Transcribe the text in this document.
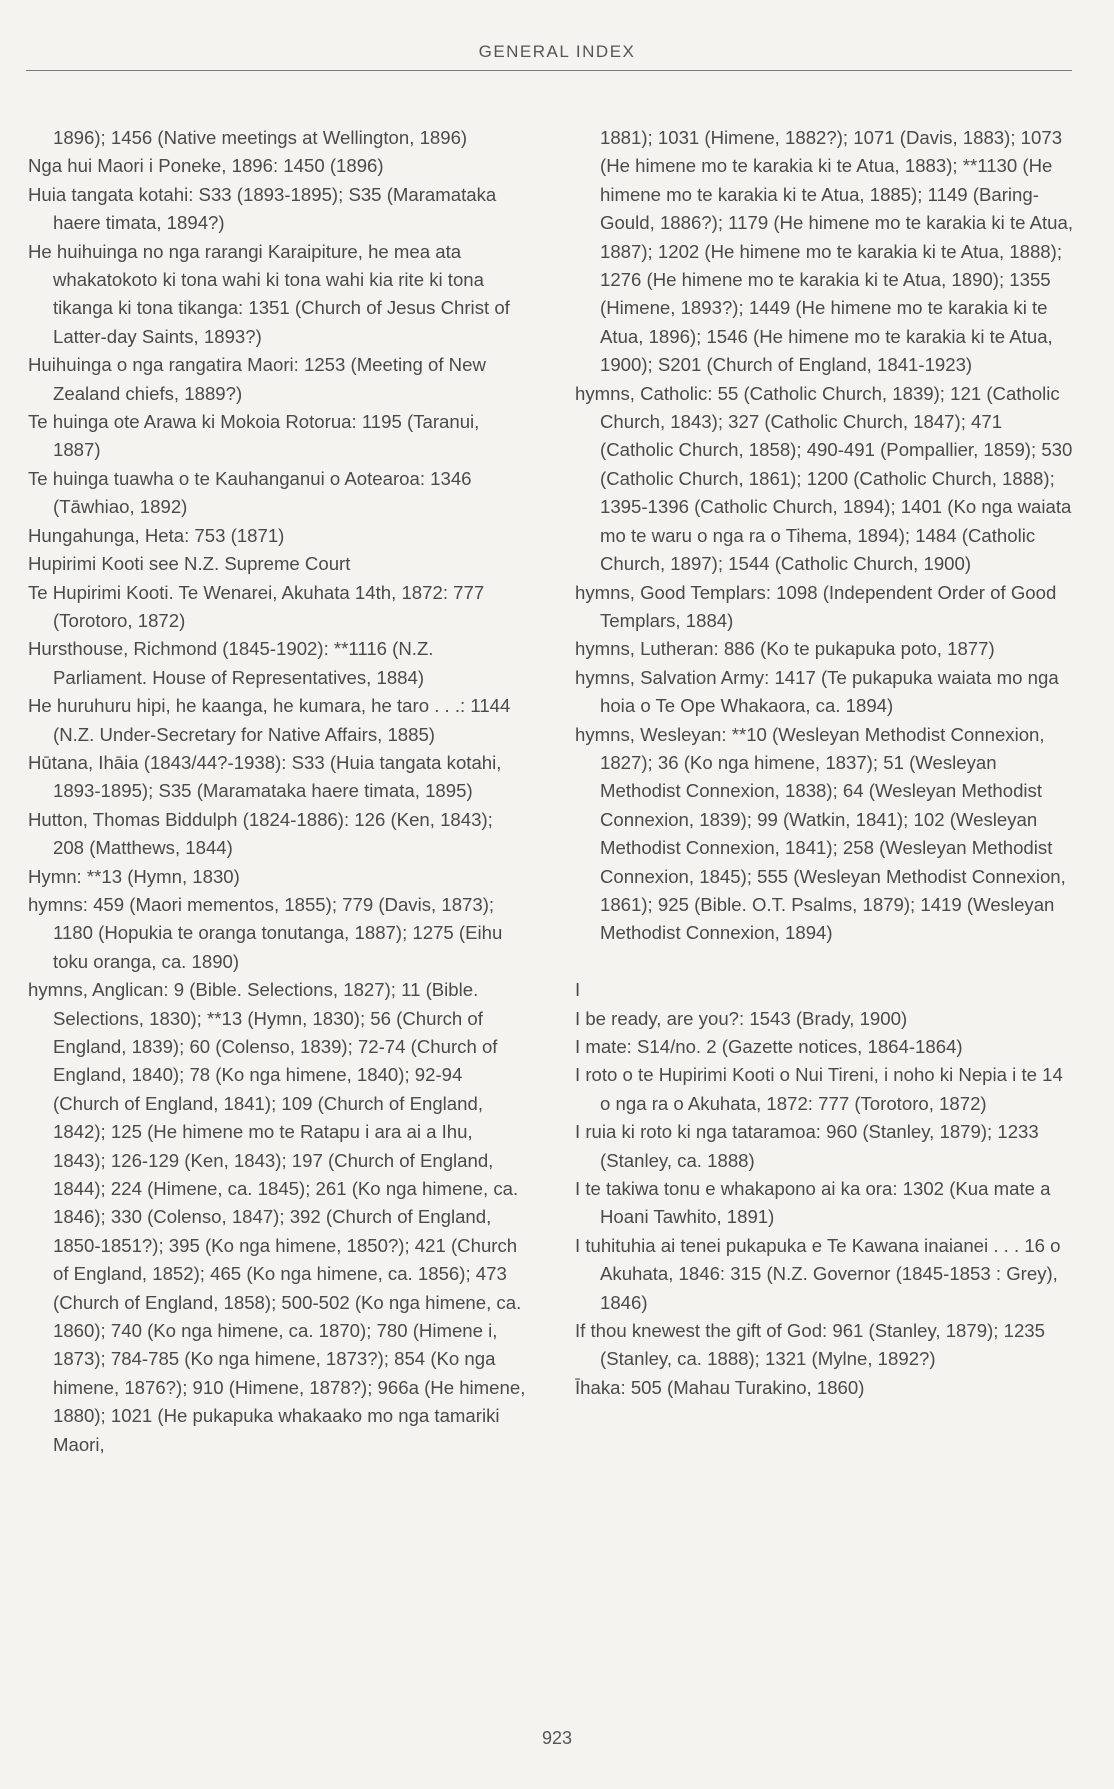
GENERAL INDEX

1896); 1456 (Native meetings at Wellington, 1896)

Nga hui Maori i Poneke, 1896: 1450 (1896)

Huia tangata kotahi: S33 (1893-1895); S35 (Maramataka haere timata, 1894?)

He huihuinga no nga rarangi Karaipiture, he mea ata whakatokoto ki tona wahi ki tona wahi kia rite ki tona tikanga ki tona tikanga: 1351 (Church of Jesus Christ of Latter-day Saints, 1893?)

Huihuinga o nga rangatira Maori: 1253 (Meeting of New Zealand chiefs, 1889?)

Te huinga ote Arawa ki Mokoia Rotorua: 1195 (Taranui, 1887)

Te huinga tuawha o te Kauhanganui o Aotearoa: 1346 (Tāwhiao, 1892)

Hungahunga, Heta: 753 (1871)

Hupirimi Kooti see N.Z. Supreme Court

Te Hupirimi Kooti. Te Wenarei, Akuhata 14th, 1872: 777 (Torotoro, 1872)

Hursthouse, Richmond (1845-1902): **1116 (N.Z. Parliament. House of Representatives, 1884)

He huruhuru hipi, he kaanga, he kumara, he taro . . .: 1144 (N.Z. Under-Secretary for Native Affairs, 1885)

Hūtana, Ihāia (1843/44?-1938): S33 (Huia tangata kotahi, 1893-1895); S35 (Maramataka haere timata, 1895)

Hutton, Thomas Biddulph (1824-1886): 126 (Ken, 1843); 208 (Matthews, 1844)

Hymn: **13 (Hymn, 1830)

hymns: 459 (Maori mementos, 1855); 779 (Davis, 1873); 1180 (Hopukia te oranga tonutanga, 1887); 1275 (Eihu toku oranga, ca. 1890)

hymns, Anglican: 9 (Bible. Selections, 1827); 11 (Bible. Selections, 1830); **13 (Hymn, 1830); 56 (Church of England, 1839); 60 (Colenso, 1839); 72-74 (Church of England, 1840); 78 (Ko nga himene, 1840); 92-94 (Church of England, 1841); 109 (Church of England, 1842); 125 (He himene mo te Ratapu i ara ai a Ihu, 1843); 126-129 (Ken, 1843); 197 (Church of England, 1844); 224 (Himene, ca. 1845); 261 (Ko nga himene, ca. 1846); 330 (Colenso, 1847); 392 (Church of England, 1850-1851?); 395 (Ko nga himene, 1850?); 421 (Church of England, 1852); 465 (Ko nga himene, ca. 1856); 473 (Church of England, 1858); 500-502 (Ko nga himene, ca. 1860); 740 (Ko nga himene, ca. 1870); 780 (Himene i, 1873); 784-785 (Ko nga himene, 1873?); 854 (Ko nga himene, 1876?); 910 (Himene, 1878?); 966a (He himene, 1880); 1021 (He pukapuka whakaako mo nga tamariki Maori,

1881); 1031 (Himene, 1882?); 1071 (Davis, 1883); 1073 (He himene mo te karakia ki te Atua, 1883); **1130 (He himene mo te karakia ki te Atua, 1885); 1149 (Baring-Gould, 1886?); 1179 (He himene mo te karakia ki te Atua, 1887); 1202 (He himene mo te karakia ki te Atua, 1888); 1276 (He himene mo te karakia ki te Atua, 1890); 1355 (Himene, 1893?); 1449 (He himene mo te karakia ki te Atua, 1896); 1546 (He himene mo te karakia ki te Atua, 1900); S201 (Church of England, 1841-1923)

hymns, Catholic: 55 (Catholic Church, 1839); 121 (Catholic Church, 1843); 327 (Catholic Church, 1847); 471 (Catholic Church, 1858); 490-491 (Pompallier, 1859); 530 (Catholic Church, 1861); 1200 (Catholic Church, 1888); 1395-1396 (Catholic Church, 1894); 1401 (Ko nga waiata mo te waru o nga ra o Tihema, 1894); 1484 (Catholic Church, 1897); 1544 (Catholic Church, 1900)

hymns, Good Templars: 1098 (Independent Order of Good Templars, 1884)

hymns, Lutheran: 886 (Ko te pukapuka poto, 1877)

hymns, Salvation Army: 1417 (Te pukapuka waiata mo nga hoia o Te Ope Whakaora, ca. 1894)

hymns, Wesleyan: **10 (Wesleyan Methodist Connexion, 1827); 36 (Ko nga himene, 1837); 51 (Wesleyan Methodist Connexion, 1838); 64 (Wesleyan Methodist Connexion, 1839); 99 (Watkin, 1841); 102 (Wesleyan Methodist Connexion, 1841); 258 (Wesleyan Methodist Connexion, 1845); 555 (Wesleyan Methodist Connexion, 1861); 925 (Bible. O.T. Psalms, 1879); 1419 (Wesleyan Methodist Connexion, 1894)

I

I be ready, are you?: 1543 (Brady, 1900)

I mate: S14/no. 2 (Gazette notices, 1864-1864)

I roto o te Hupirimi Kooti o Nui Tireni, i noho ki Nepia i te 14 o nga ra o Akuhata, 1872: 777 (Torotoro, 1872)

I ruia ki roto ki nga tataramoa: 960 (Stanley, 1879); 1233 (Stanley, ca. 1888)

I te takiwa tonu e whakapono ai ka ora: 1302 (Kua mate a Hoani Tawhito, 1891)

I tuhituhia ai tenei pukapuka e Te Kawana inaianei . . . 16 o Akuhata, 1846: 315 (N.Z. Governor (1845-1853 : Grey), 1846)

If thou knewest the gift of God: 961 (Stanley, 1879); 1235 (Stanley, ca. 1888); 1321 (Mylne, 1892?)

Īhaka: 505 (Mahau Turakino, 1860)

923
